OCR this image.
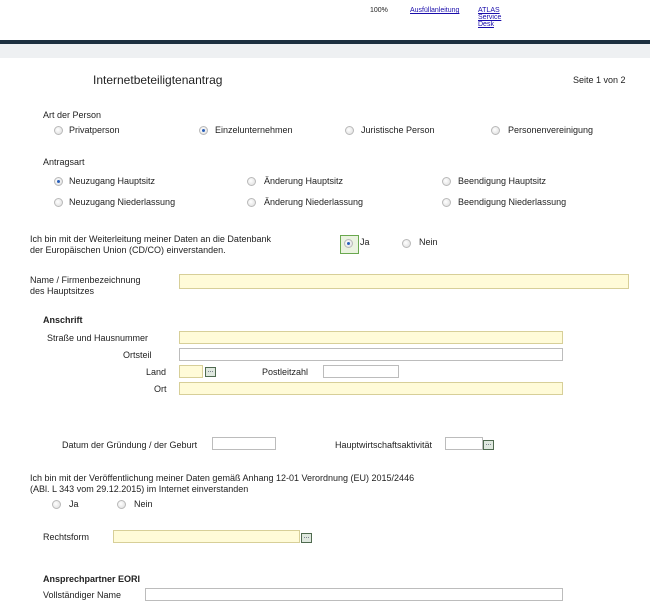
100%	Ausfüllanleitung	ATLAS
Service
Desk
Internetbeteiligtenantrag	Seite 1 von 2
Art der Person
Privatperson	Einzelunternehmen	Juristische Person	Personenvereinigung
Antragsart
Neuzugang Hauptsitz	Änderung Hauptsitz	Beendigung Hauptsitz
Neuzugang Niederlassung	Änderung Niederlassung	Beendigung Niederlassung
Ich bin mit der Weiterleitung meiner Daten an die Datenbank
der Europäischen Union (CD/CO) einverstanden.
Ja	Nein
Name / Firmenbezeichnung
des Hauptsitzes
Anschrift
Straße und Hausnummer
Ortsteil
Land	...	Postleitzahl
Ort
Datum der Gründung / der Geburt	Hauptwirtschaftsaktivität	...
Ich bin mit der Veröffentlichung meiner Daten gemäß Anhang 12-01 Verordnung (EU) 2015/2446
(ABl. L 343 vom 29.12.2015) im Internet einverstanden
Ja	Nein
Rechtsform	...
Ansprechpartner EORI
Vollständiger Name
